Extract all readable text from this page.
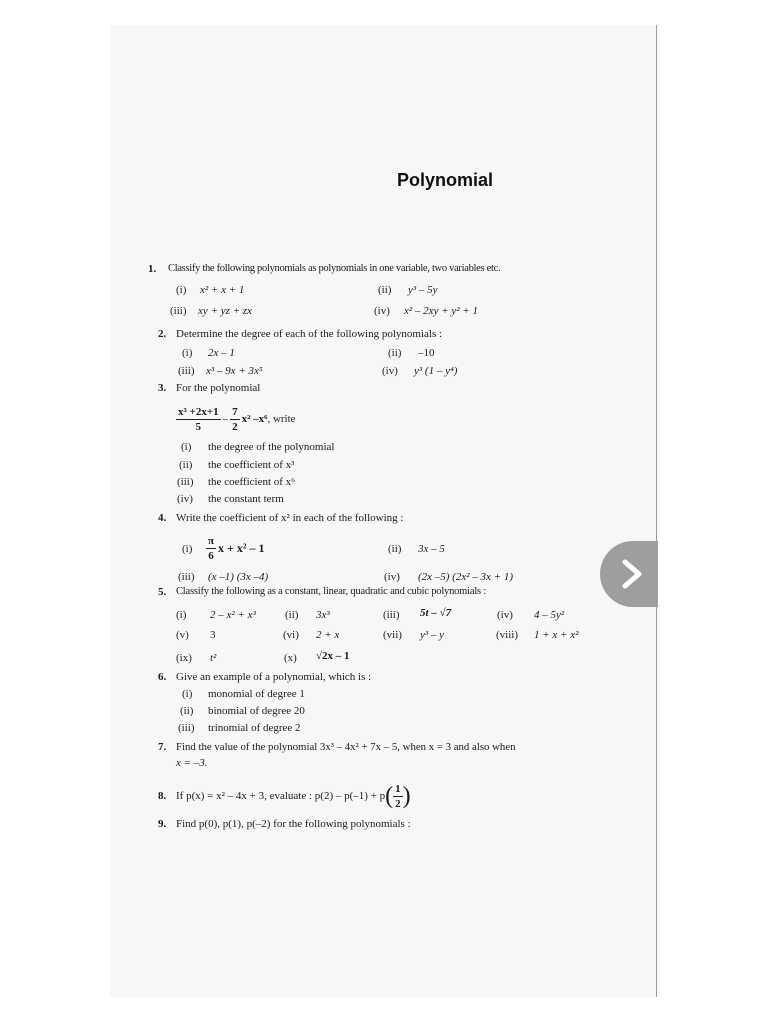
Polynomial
1. Classify the following polynomials as polynomials in one variable, two variables etc.
(i) x² + x + 1	(ii) y³ – 5y
(iii) xy + yz + zx	(iv) x² – 2xy + y² + 1
2. Determine the degree of each of the following polynomials :
(i) 2x – 1	(ii) –10
(iii) x³ – 9x + 3x⁵	(iv) y³ (1 – y⁴)
3. For the polynomial
$\frac{\text{x³ +2x+1}}{5} - \frac{7}{2} x^2$ –x⁶ , write
(i) the degree of the polynomial
(ii) the coefficient of x³
(iii) the coefficient of x⁶
(iv) the constant term
4. Write the coefficient of x² in each of the following :
$(i) \frac{\pi}{6}$ x + x² – 1	(ii) 3x – 5
(iii) (x –1) (3x –4)	(iv) (2x –5) (2x² – 3x + 1)
5. Classify the following as a constant, linear, quadratic and cubic polynomials :
(i) 2 – x² + x³	(ii) 3x³	(iii) 5t – √7	(iv) 4 – 5y²
(v) 3	(vi) 2 + x	(vii) y³ – y	(viii) 1 + x + x²
(ix) t²	(x) √2x – 1
6. Give an example of a polynomial, which is :
(i) monomial of degree 1
(ii) binomial of degree 20
(iii) trinomial of degree 2
7. Find the value of the polynomial 3x³ – 4x² + 7x – 5, when x = 3 and also when
x = –3.
8. If p(x) = x² – 4x + 3, evaluate : p(2) – p(–1) + p ( $\frac{1}{2}$ )
9. Find p(0), p(1), p(–2) for the following polynomials :
